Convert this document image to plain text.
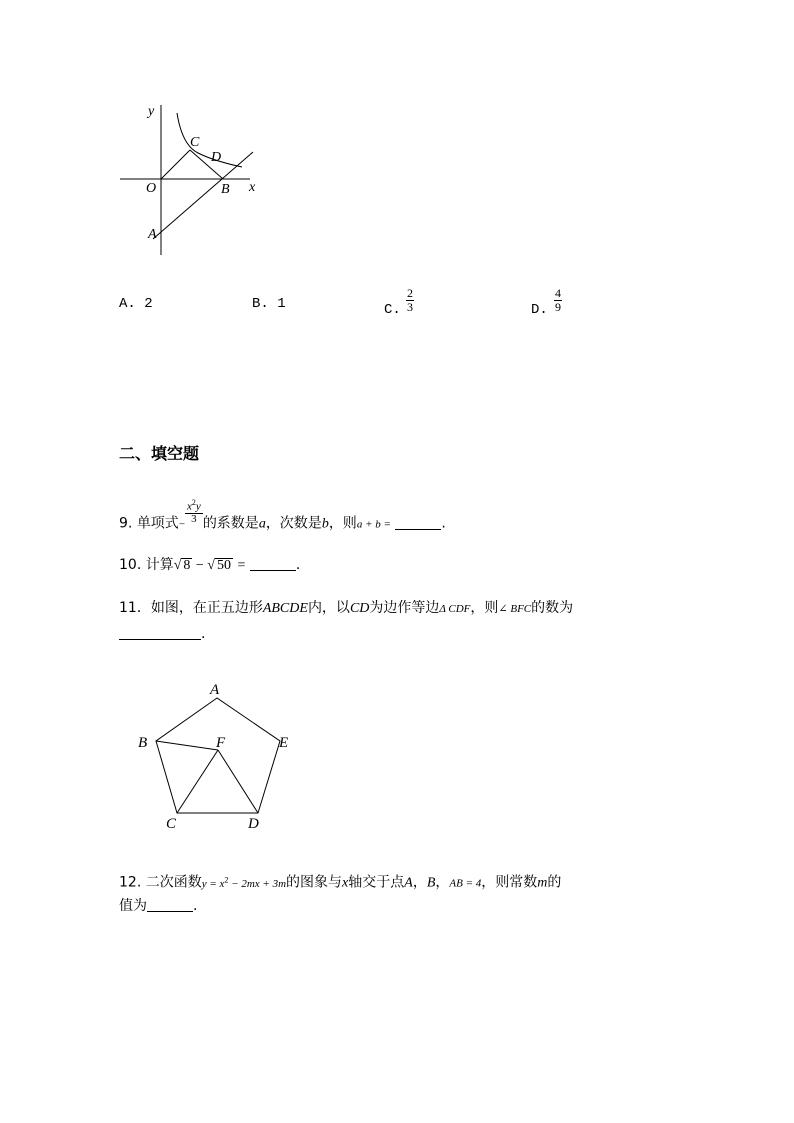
y
x
O
A
B
C
D
A. 2	B. 1	C.
2
3	D.
4
9
二、填空题
9. 单项式− $\frac{x^2y}{3}$ 的系数是a，次数是b，则a + b =	.
10. 计算√ 8 − √ 50 =	.
11．如图，在正五边形ABCDE内，以CD为边作等边Δ CDF，则∠ BFC的数为
.
A
B	E
F
C	D
12. 二次函数$y = x^2 - 2mx + 3m$的图象与x轴交于点A，B，AB = 4，则常数m的
值为	.
